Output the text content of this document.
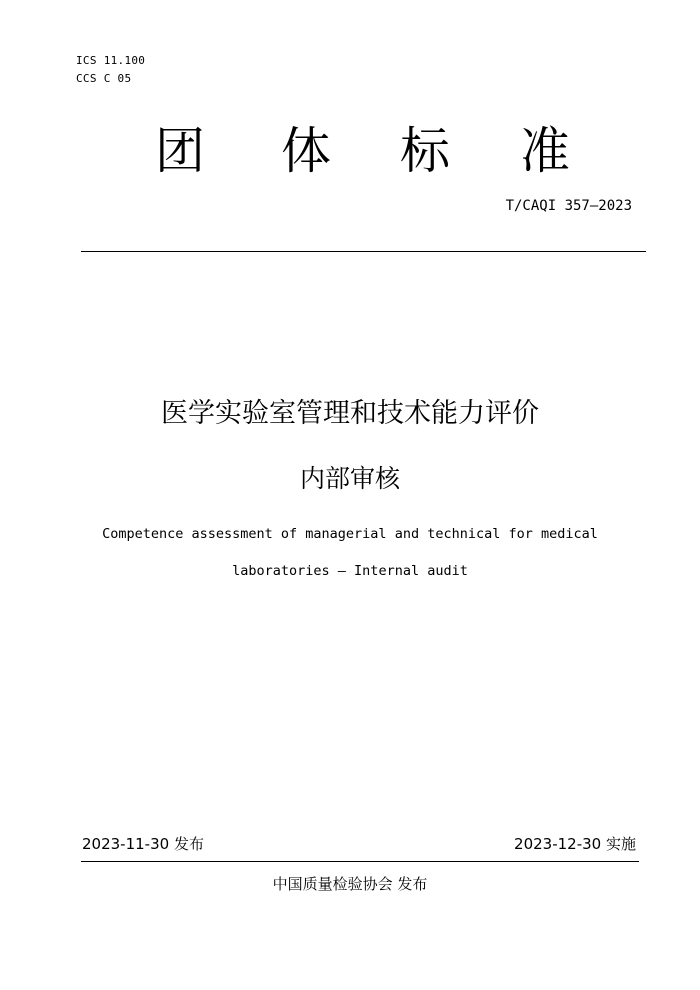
ICS 11.100
CCS C 05
团 体 标 准
T/CAQI 357—2023
医学实验室管理和技术能力评价
内部审核
Competence assessment of managerial and technical for medical
laboratories — Internal audit
2023-11-30 发布	2023-12-30 实施
中国质量检验协会 发布
